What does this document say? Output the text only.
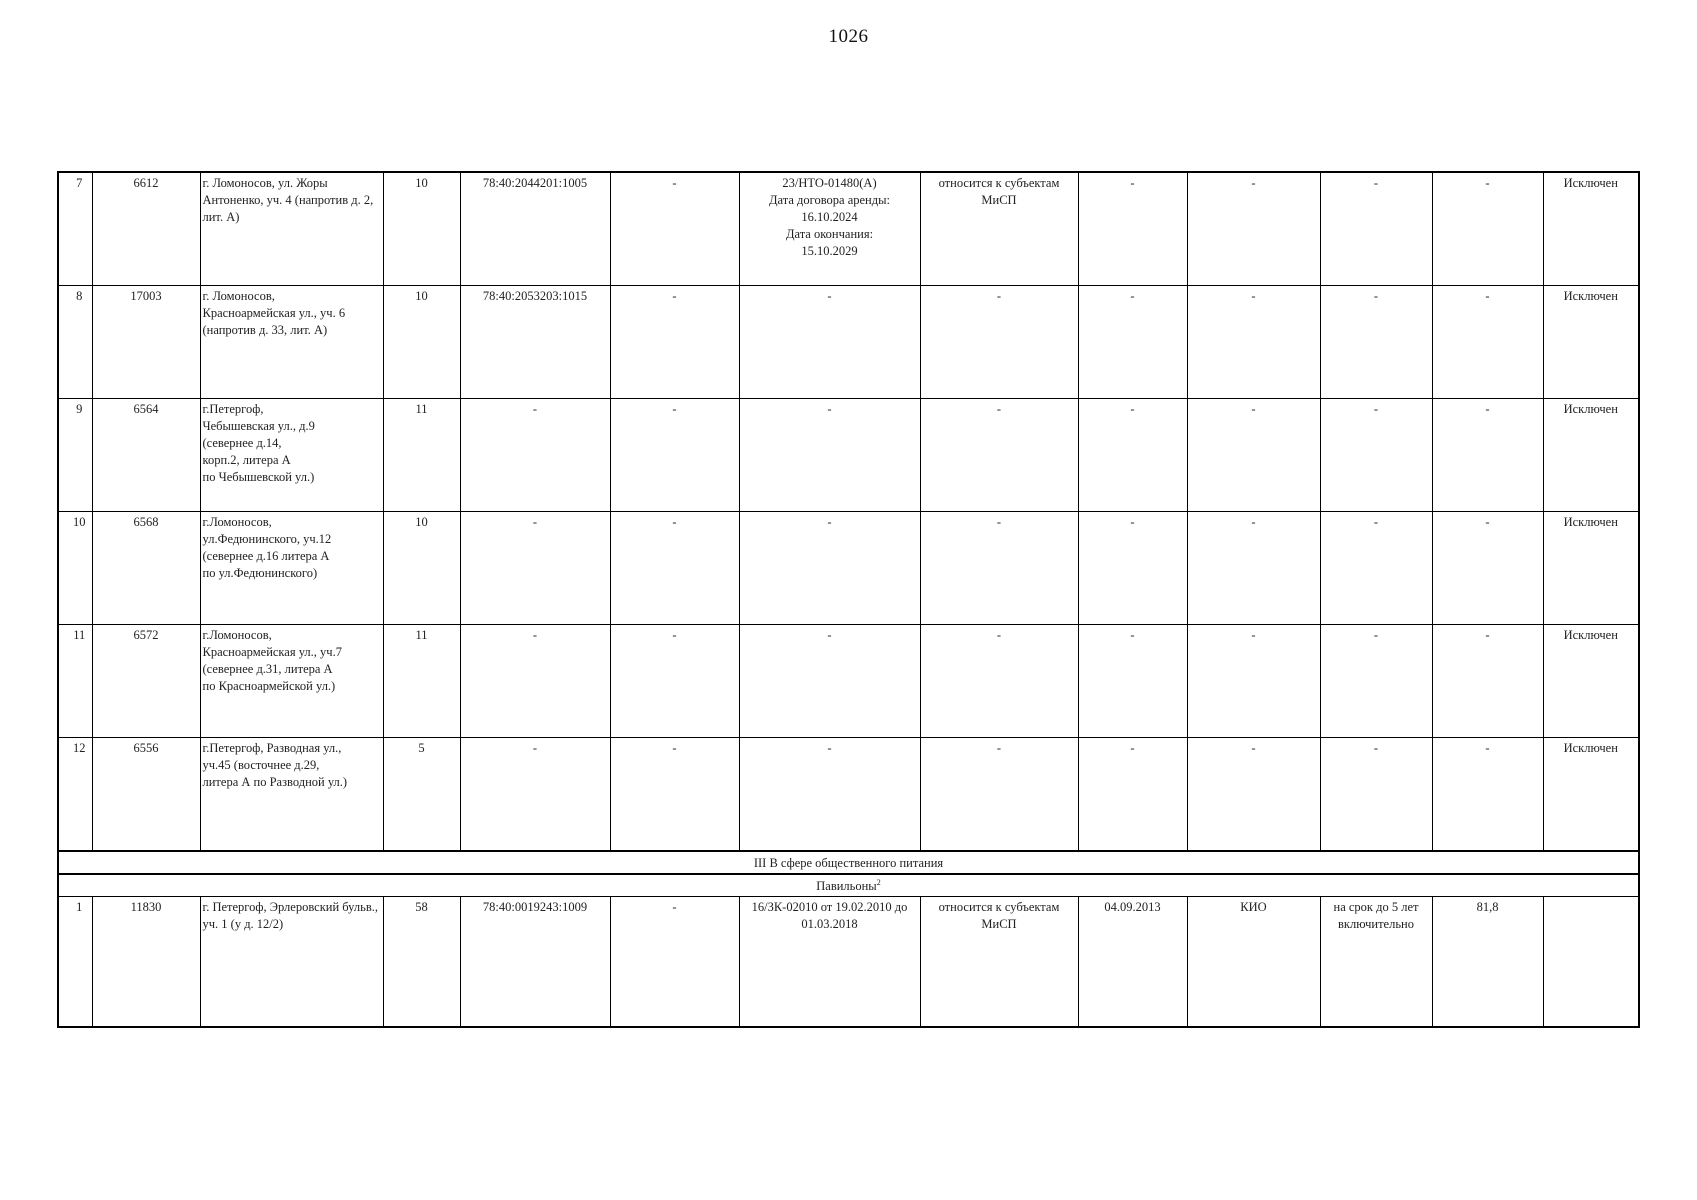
1026
7	6612	г. Ломоносов, ул. Жоры Антоненко, уч. 4 (напротив д. 2, лит. А)	10	78:40:2044201:1005	-	23/НТО-01480(А)
Дата договора аренды:
16.10.2024
Дата окончания:
15.10.2029	относится к субъектам МиСП	-	-	-	-	Исключен
8	17003	г. Ломоносов,
Красноармейская ул., уч. 6
(напротив д. 33, лит. А)	10	78:40:2053203:1015	-	-	-	-	-	-	-	Исключен
9	6564	г.Петергоф,
Чебышевская ул., д.9
(севернее д.14,
корп.2, литера А
по Чебышевской ул.)	11	-	-	-	-	-	-	-	-	Исключен
10	6568	г.Ломоносов,
ул.Федюнинского, уч.12
(севернее д.16 литера А
по ул.Федюнинского)	10	-	-	-	-	-	-	-	-	Исключен
11	6572	г.Ломоносов,
Красноармейская ул., уч.7
(севернее д.31, литера А
по Красноармейской ул.)	11	-	-	-	-	-	-	-	-	Исключен
12	6556	г.Петергоф, Разводная ул.,
уч.45 (восточнее д.29,
литера А по Разводной ул.)	5	-	-	-	-	-	-	-	-	Исключен
III В сфере общественного питания												
Павильоны$^2$
1	11830	г. Петергоф, Эрлеровский бульв., уч. 1 (у д. 12/2)	58	78:40:0019243:1009	-	16/ЗК-02010 от 19.02.2010 до 01.03.2018	относится к субъектам МиСП	04.09.2013	КИО	на срок до 5 лет включительно	81,8	
